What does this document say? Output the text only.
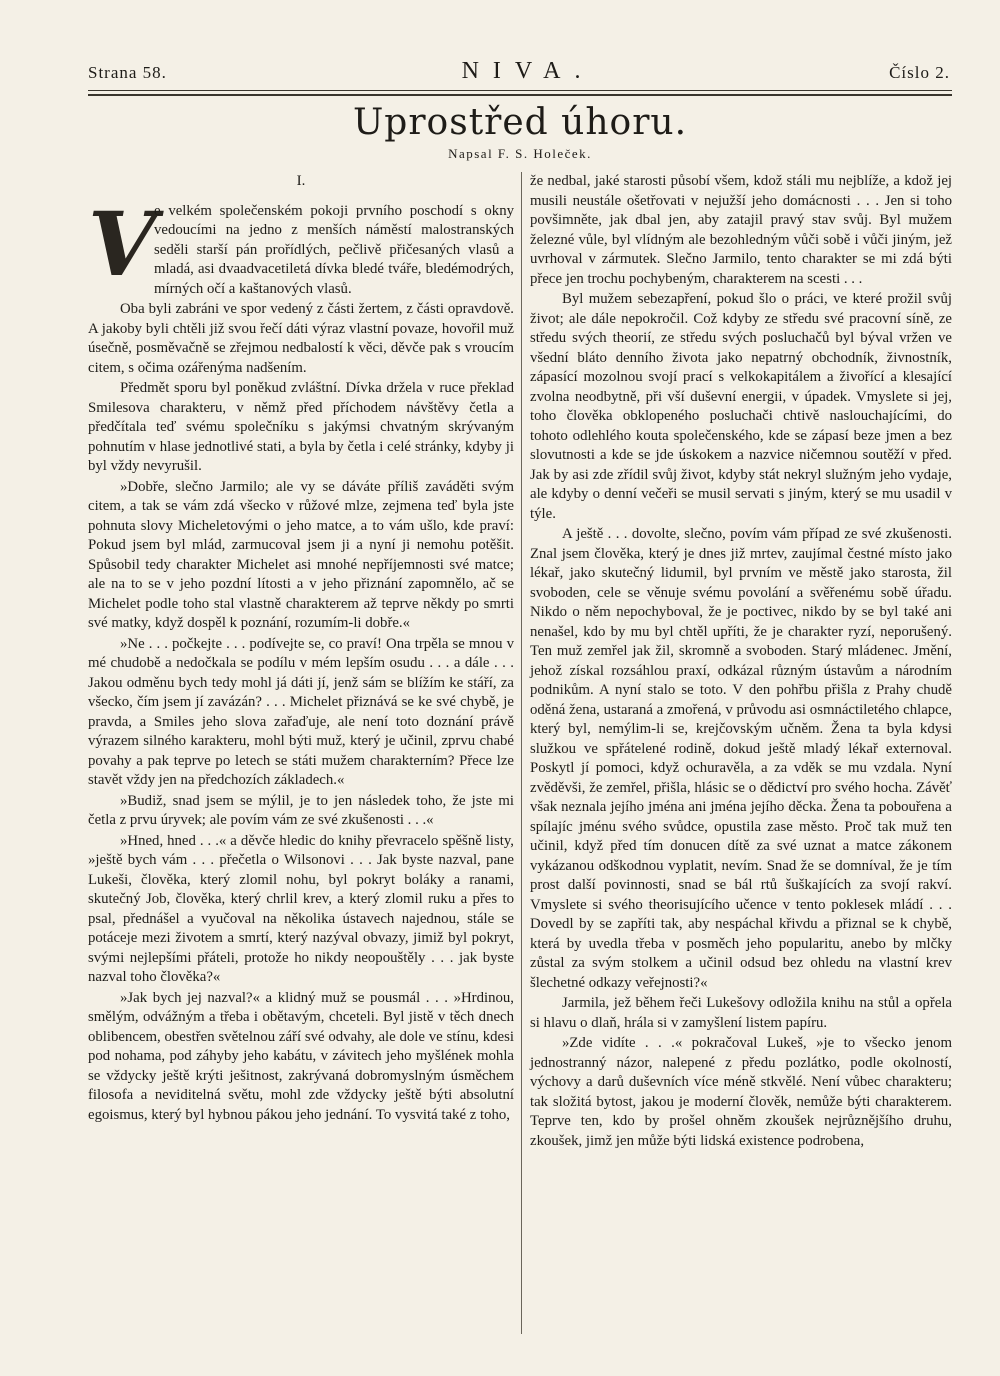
Strana 58.	NIVA.	Číslo 2.
Uprostřed úhoru.
Napsal F. S. Holeček.
I.

V
e velkém společenském pokoji prvního poschodí s okny vedoucími na jedno z menších náměstí malostranských seděli starší pán prořídlých, pečlivě přičesaných vlasů a mladá, asi dvaadvacetiletá dívka bledé tváře, bledémodrých, mírných očí a kaštanových vlasů.

Oba byli zabráni ve spor vedený z části žertem, z části opravdově. A jakoby byli chtěli již svou řečí dáti výraz vlastní povaze, hovořil muž úsečně, posměvačně se zřejmou nedbalostí k věci, děvče pak s vroucím citem, s očima ozářenýma nadšením.

Předmět sporu byl poněkud zvláštní. Dívka držela v ruce překlad Smilesova charakteru, v němž před příchodem návštěvy četla a předčítala teď svému společníku s jakýmsi chvatným skrývaným pohnutím v hlase jednotlivé stati, a byla by četla i celé stránky, kdyby ji byl vždy nevyrušil.

»Dobře, slečno Jarmilo; ale vy se dáváte příliš zaváděti svým citem, a tak se vám zdá všecko v růžové mlze, zejmena teď byla jste pohnuta slovy Micheletovými o jeho matce, a to vám ušlo, kde praví: Pokud jsem byl mlád, zarmucoval jsem ji a nyní ji nemohu potěšit. Spůsobil tedy charakter Michelet asi mnohé nepříjemnosti své matce; ale na to se v jeho pozdní lítosti a v jeho přiznání zapomnělo, ač se Michelet podle toho stal vlastně charakterem až teprve někdy po smrti své matky, když dospěl k poznání, rozumím-li dobře.«

»Ne . . . počkejte . . . podívejte se, co praví! Ona trpěla se mnou v mé chudobě a nedočkala se podílu v mém lepším osudu . . . a dále . . . Jakou odměnu bych tedy mohl já dáti jí, jenž sám se blížím ke stáří, za všecko, čím jsem jí zavázán? . . . Michelet přiznává se ke své chybě, je pravda, a Smiles jeho slova zařaďuje, ale není toto doznání právě výrazem silného karakteru, mohl býti muž, který je učinil, zprvu chabé povahy a pak teprve po letech se státi mužem charakterním? Přece lze stavět vždy jen na předchozích základech.«

»Budiž, snad jsem se mýlil, je to jen následek toho, že jste mi četla z prvu úryvek; ale povím vám ze své zkušenosti . . .«

»Hned, hned . . .« a děvče hledic do knihy převracelo spěšně listy, »ještě bych vám . . . přečetla o Wilsonovi . . . Jak byste nazval, pane Lukeši, člověka, který zlomil nohu, byl pokryt boláky a ranami, skutečný Job, člověka, který chrlil krev, a který zlomil ruku a přes to psal, přednášel a vyučoval na několika ústavech najednou, stále se potáceje mezi životem a smrtí, který nazýval obvazy, jimiž byl pokryt, svými nejlepšími přáteli, protože ho nikdy neopouštěly . . . jak byste nazval toho člověka?«

»Jak bych jej nazval?« a klidný muž se pousmál . . . »Hrdinou, smělým, odvážným a třeba i obětavým, chceteli. Byl jistě v těch dnech oblibencem, obestřen světelnou září své odvahy, ale dole ve stínu, kdesi pod nohama, pod záhyby jeho kabátu, v závitech jeho myšlének mohla se vždycky ještě krýti ješitnost, zakrývaná dobromyslným úsměchem filosofa a neviditelná světu, mohl zde vždycky ještě býti absolutní egoismus, který byl hybnou pákou jeho jednání. To vysvitá také z toho,

že nedbal, jaké starosti působí všem, kdož stáli mu nejblíže, a kdož jej musili neustále ošetřovati v nejužší jeho domácnosti . . . Jen si toho povšimněte, jak dbal jen, aby zatajil pravý stav svůj. Byl mužem železné vůle, byl vlídným ale bezohledným vůči sobě i vůči jiným, jež uvrhoval v zármutek. Slečno Jarmilo, tento charakter se mi zdá býti přece jen trochu pochybeným, charakterem na scesti . . .

Byl mužem sebezapření, pokud šlo o práci, ve které prožil svůj život; ale dále nepokročil. Což kdyby ze středu své pracovní síně, ze středu svých theorií, ze středu svých posluchačů byl býval vržen ve všední bláto denního života jako nepatrný obchodník, živnostník, zápasící mozolnou svojí prací s velkokapitálem a živořící a klesající zvolna neodbytně, při vší duševní energii, v úpadek. Vmyslete si jej, toho člověka obklopeného posluchači chtivě naslouchajícími, do tohoto odlehlého kouta společenského, kde se zápasí beze jmen a bez slovutnosti a kde se jde úskokem a nazvice ničemnou soutěží v před. Jak by asi zde zřídil svůj život, kdyby stát nekryl služným jeho vydaje, ale kdyby o denní večeři se musil servati s jiným, který se mu usadil v týle.

A ještě . . . dovolte, slečno, povím vám případ ze své zkušenosti. Znal jsem člověka, který je dnes již mrtev, zaujímal čestné místo jako lékař, jako skutečný lidumil, byl prvním ve městě jako starosta, žil svoboden, cele se věnuje svému povolání a svěřenému sobě úřadu. Nikdo o něm nepochyboval, že je poctivec, nikdo by se byl také ani nenašel, kdo by mu byl chtěl upříti, že je charakter ryzí, neporušený. Ten muž zemřel jak žil, skromně a svoboden. Starý mládenec. Jmění, jehož získal rozsáhlou praxí, odkázal různým ústavům a národním podnikům. A nyní stalo se toto. V den pohřbu přišla z Prahy chudě oděná žena, ustaraná a zmořená, v průvodu asi osmnáctiletého chlapce, který byl, nemýlim-li se, krejčovským učněm. Žena ta byla kdysi služkou ve spřátelené rodině, dokud ještě mladý lékař externoval. Poskytl jí pomoci, když ochuravěla, a za vděk se mu vzdala. Nyní zvěděvši, že zemřel, přišla, hlásic se o dědictví pro svého hocha. Závěť však neznala jejího jména ani jména jejího děcka. Žena ta pobouřena a spílajíc jménu svého svůdce, opustila zase město. Proč tak muž ten učinil, když před tím donucen dítě za své uznat a matce zákonem vykázanou odškodnou vyplatit, nevím. Snad že se domníval, že je tím prost další povinnosti, snad se bál rtů šuškajících za svojí rakví. Vmyslete si svého theorisujícího učence v tento poklesek mládí . . . Dovedl by se zapříti tak, aby nespáchal křivdu a přiznal se k chybě, která by uvedla třeba v posměch jeho popularitu, anebo by mlčky zůstal za svým stolkem a učinil odsud bez ohledu na vlastní krev šlechetné odkazy veřejnosti?«

Jarmila, jež během řeči Lukešovy odložila knihu na stůl a opřela si hlavu o dlaň, hrála si v zamyšlení listem papíru.

»Zde vidíte . . .« pokračoval Lukeš, »je to všecko jenom jednostranný názor, nalepené z předu pozlátko, podle okolností, výchovy a darů duševních více méně stkvělé. Není vůbec charakteru; tak složitá bytost, jakou je moderní člověk, nemůže býti charakterem. Teprve ten, kdo by prošel ohněm zkoušek nejrůznějšího druhu, zkoušek, jimž jen může býti lidská existence podrobena,
